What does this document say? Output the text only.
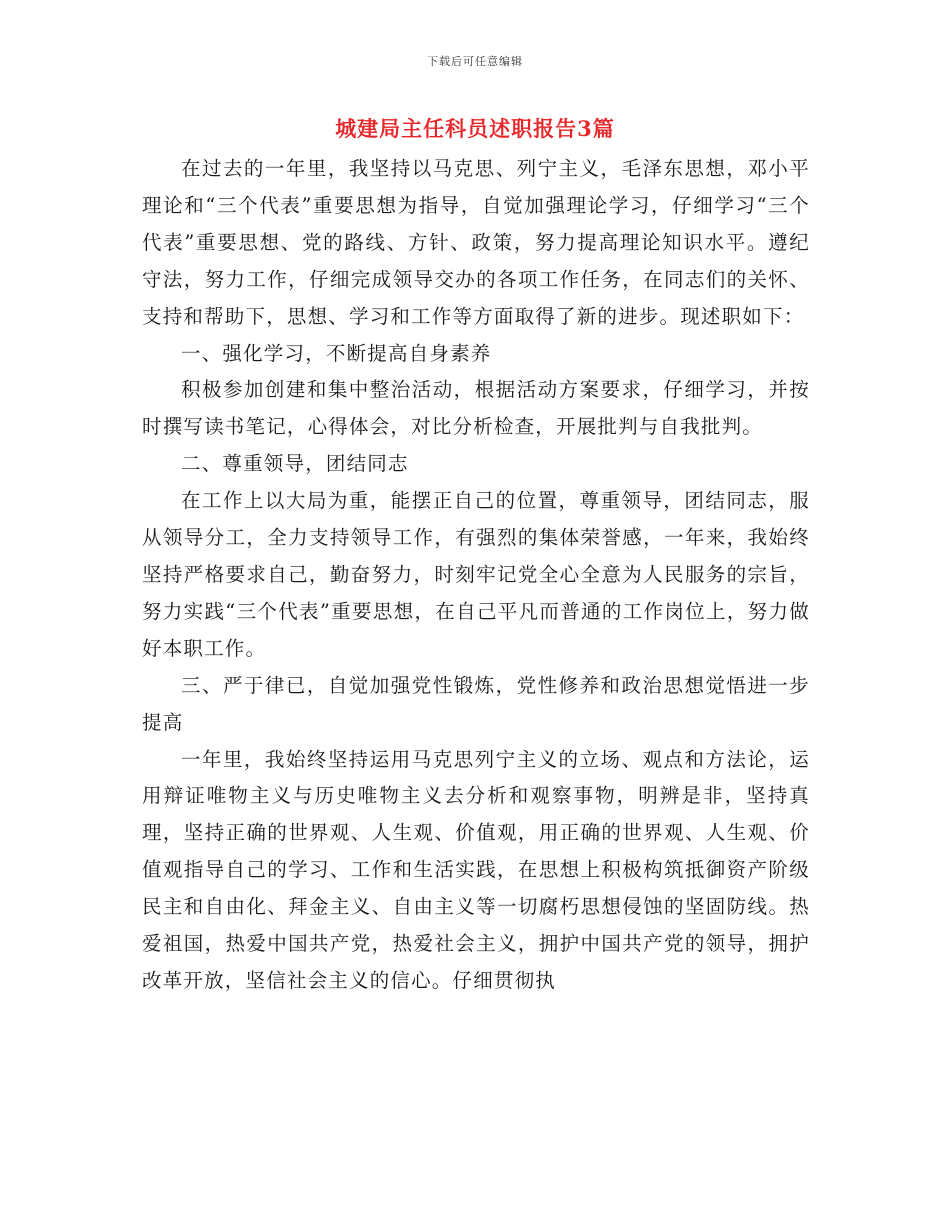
下载后可任意编辑
城建局主任科员述职报告3篇

在过去的一年里，我坚持以马克思、列宁主义，毛泽东思想，邓小平理论和“三个代表”重要思想为指导，自觉加强理论学习，仔细学习“三个代表”重要思想、党的路线、方针、政策，努力提高理论知识水平。遵纪守法，努力工作，仔细完成领导交办的各项工作任务，在同志们的关怀、支持和帮助下，思想、学习和工作等方面取得了新的进步。现述职如下：

一、强化学习，不断提高自身素养

积极参加创建和集中整治活动，根据活动方案要求，仔细学习，并按时撰写读书笔记，心得体会，对比分析检查，开展批判与自我批判。

二、尊重领导，团结同志

在工作上以大局为重，能摆正自己的位置，尊重领导，团结同志，服从领导分工，全力支持领导工作，有强烈的集体荣誉感，一年来，我始终坚持严格要求自己，勤奋努力，时刻牢记党全心全意为人民服务的宗旨，努力实践“三个代表”重要思想，在自己平凡而普通的工作岗位上，努力做好本职工作。

三、严于律已，自觉加强党性锻炼，党性修养和政治思想觉悟进一步提高

一年里，我始终坚持运用马克思列宁主义的立场、观点和方法论，运用辩证唯物主义与历史唯物主义去分析和观察事物，明辨是非，坚持真理，坚持正确的世界观、人生观、价值观，用正确的世界观、人生观、价值观指导自己的学习、工作和生活实践，在思想上积极构筑抵御资产阶级民主和自由化、拜金主义、自由主义等一切腐朽思想侵蚀的坚固防线。热爱祖国，热爱中国共产党，热爱社会主义，拥护中国共产党的领导，拥护改革开放，坚信社会主义的信心。仔细贯彻执
